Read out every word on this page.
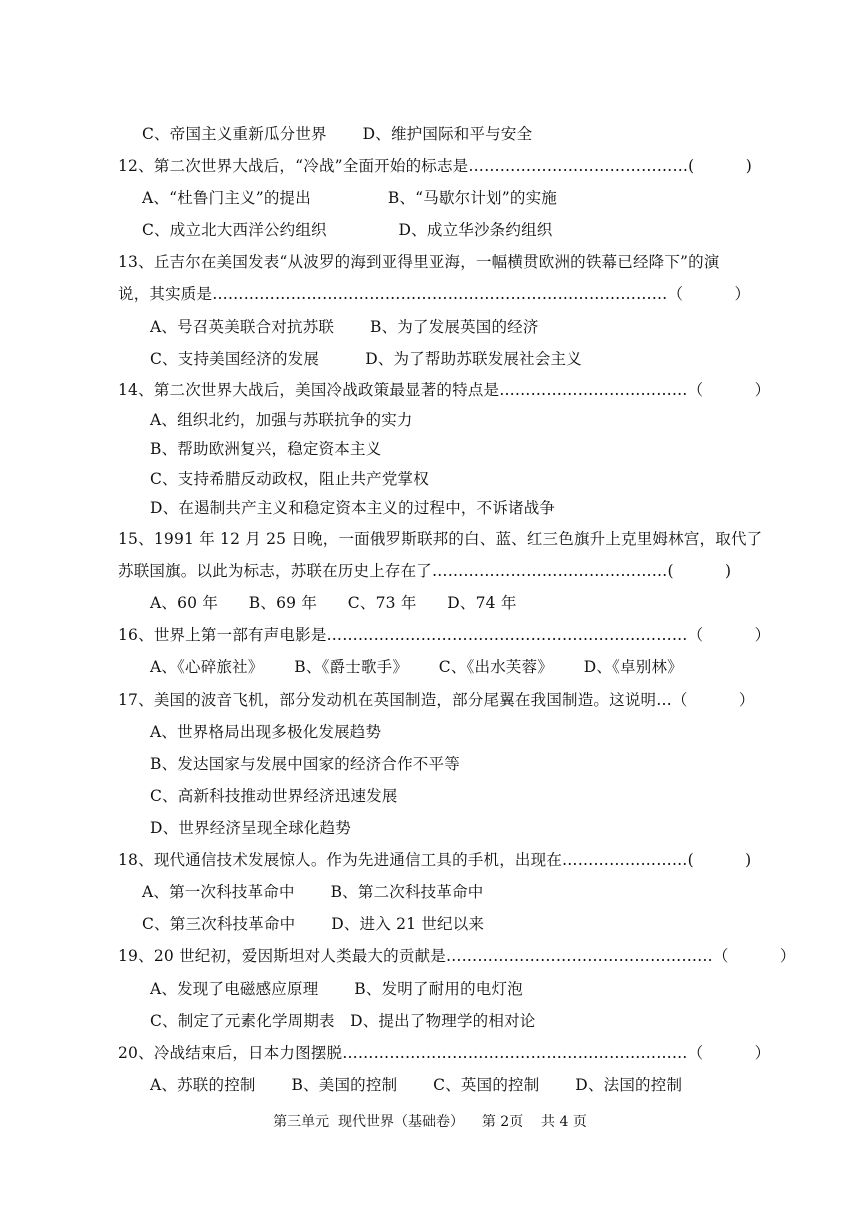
C、帝国主义重新瓜分世界       D、维护国际和平与安全
12、第二次世界大战后，“冷战”全面开始的标志是……………………………………(          )
A、“杜鲁门主义”的提出               B、“马歇尔计划”的实施
C、成立北大西洋公约组织              D、成立华沙条约组织
13、丘吉尔在美国发表“从波罗的海到亚得里亚海，一幅横贯欧洲的铁幕已经降下”的演
说，其实质是……………………………………………………………………………（          ）
A、号召英美联合对抗苏联       B、为了发展英国的经济
C、支持美国经济的发展         D、为了帮助苏联发展社会主义
14、第二次世界大战后，美国冷战政策最显著的特点是………………………………（          ）
A、组织北约，加强与苏联抗争的实力
B、帮助欧洲复兴，稳定资本主义
C、支持希腊反动政权，阻止共产党掌权
D、在遏制共产主义和稳定资本主义的过程中，不诉诸战争
15、1991 年 12 月 25 日晚，一面俄罗斯联邦的白、蓝、红三色旗升上克里姆林宫，取代了
苏联国旗。以此为标志，苏联在历史上存在了………………………………………(          )
A、60 年      B、69 年      C、73 年      D、74 年
16、世界上第一部有声电影是……………………………………………………………（          ）
A、《心碎旅社》      B、《爵士歌手》      C、《出水芙蓉》      D、《卓别林》
17、美国的波音飞机，部分发动机在英国制造，部分尾翼在我国制造。这说明…（          ）
A、世界格局出现多极化发展趋势
B、发达国家与发展中国家的经济合作不平等
C、高新科技推动世界经济迅速发展
D、世界经济呈现全球化趋势
18、现代通信技术发展惊人。作为先进通信工具的手机，出现在……………………(          )
A、第一次科技革命中       B、第二次科技革命中
C、第三次科技革命中       D、进入 21 世纪以来
19、20 世纪初，爱因斯坦对人类最大的贡献是……………………………………………（          ）
A、发现了电磁感应原理       B、发明了耐用的电灯泡
C、制定了元素化学周期表   D、提出了物理学的相对论
20、冷战结束后，日本力图摆脱…………………………………………………………（          ）
A、苏联的控制       B、美国的控制       C、英国的控制       D、法国的控制
第三单元  现代世界（基础卷）    第 2页    共 4 页
